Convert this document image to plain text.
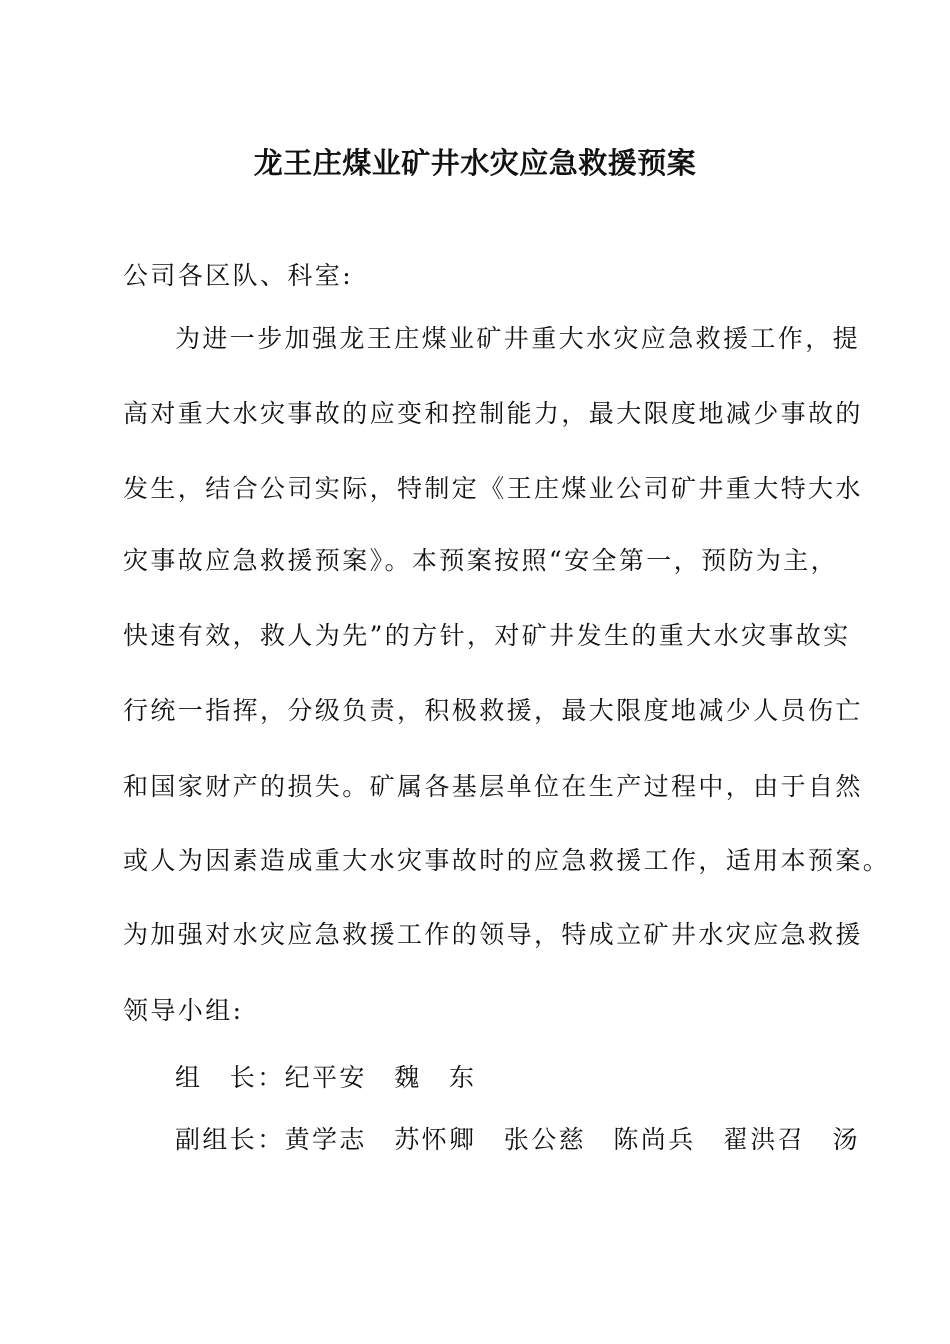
龙王庄煤业矿井水灾应急救援预案
公司各区队、科室:
为进一步加强龙王庄煤业矿井重大水灾应急救援工作，提
高对重大水灾事故的应变和控制能力，最大限度地减少事故的
发生，结合公司实际，特制定《王庄煤业公司矿井重大特大水
灾事故应急救援预案》。本预案按照“安全第一，预防为主，
快速有效，救人为先”的方针，对矿井发生的重大水灾事故实
行统一指挥，分级负责，积极救援，最大限度地减少人员伤亡
和国家财产的损失。矿属各基层单位在生产过程中，由于自然
或人为因素造成重大水灾事故时的应急救援工作，适用本预案。
为加强对水灾应急救援工作的领导，特成立矿井水灾应急救援
领导小组:
组　长：纪平安　魏　东
副组长：黄学志　苏怀卿　张公慈　陈尚兵　翟洪召　汤
